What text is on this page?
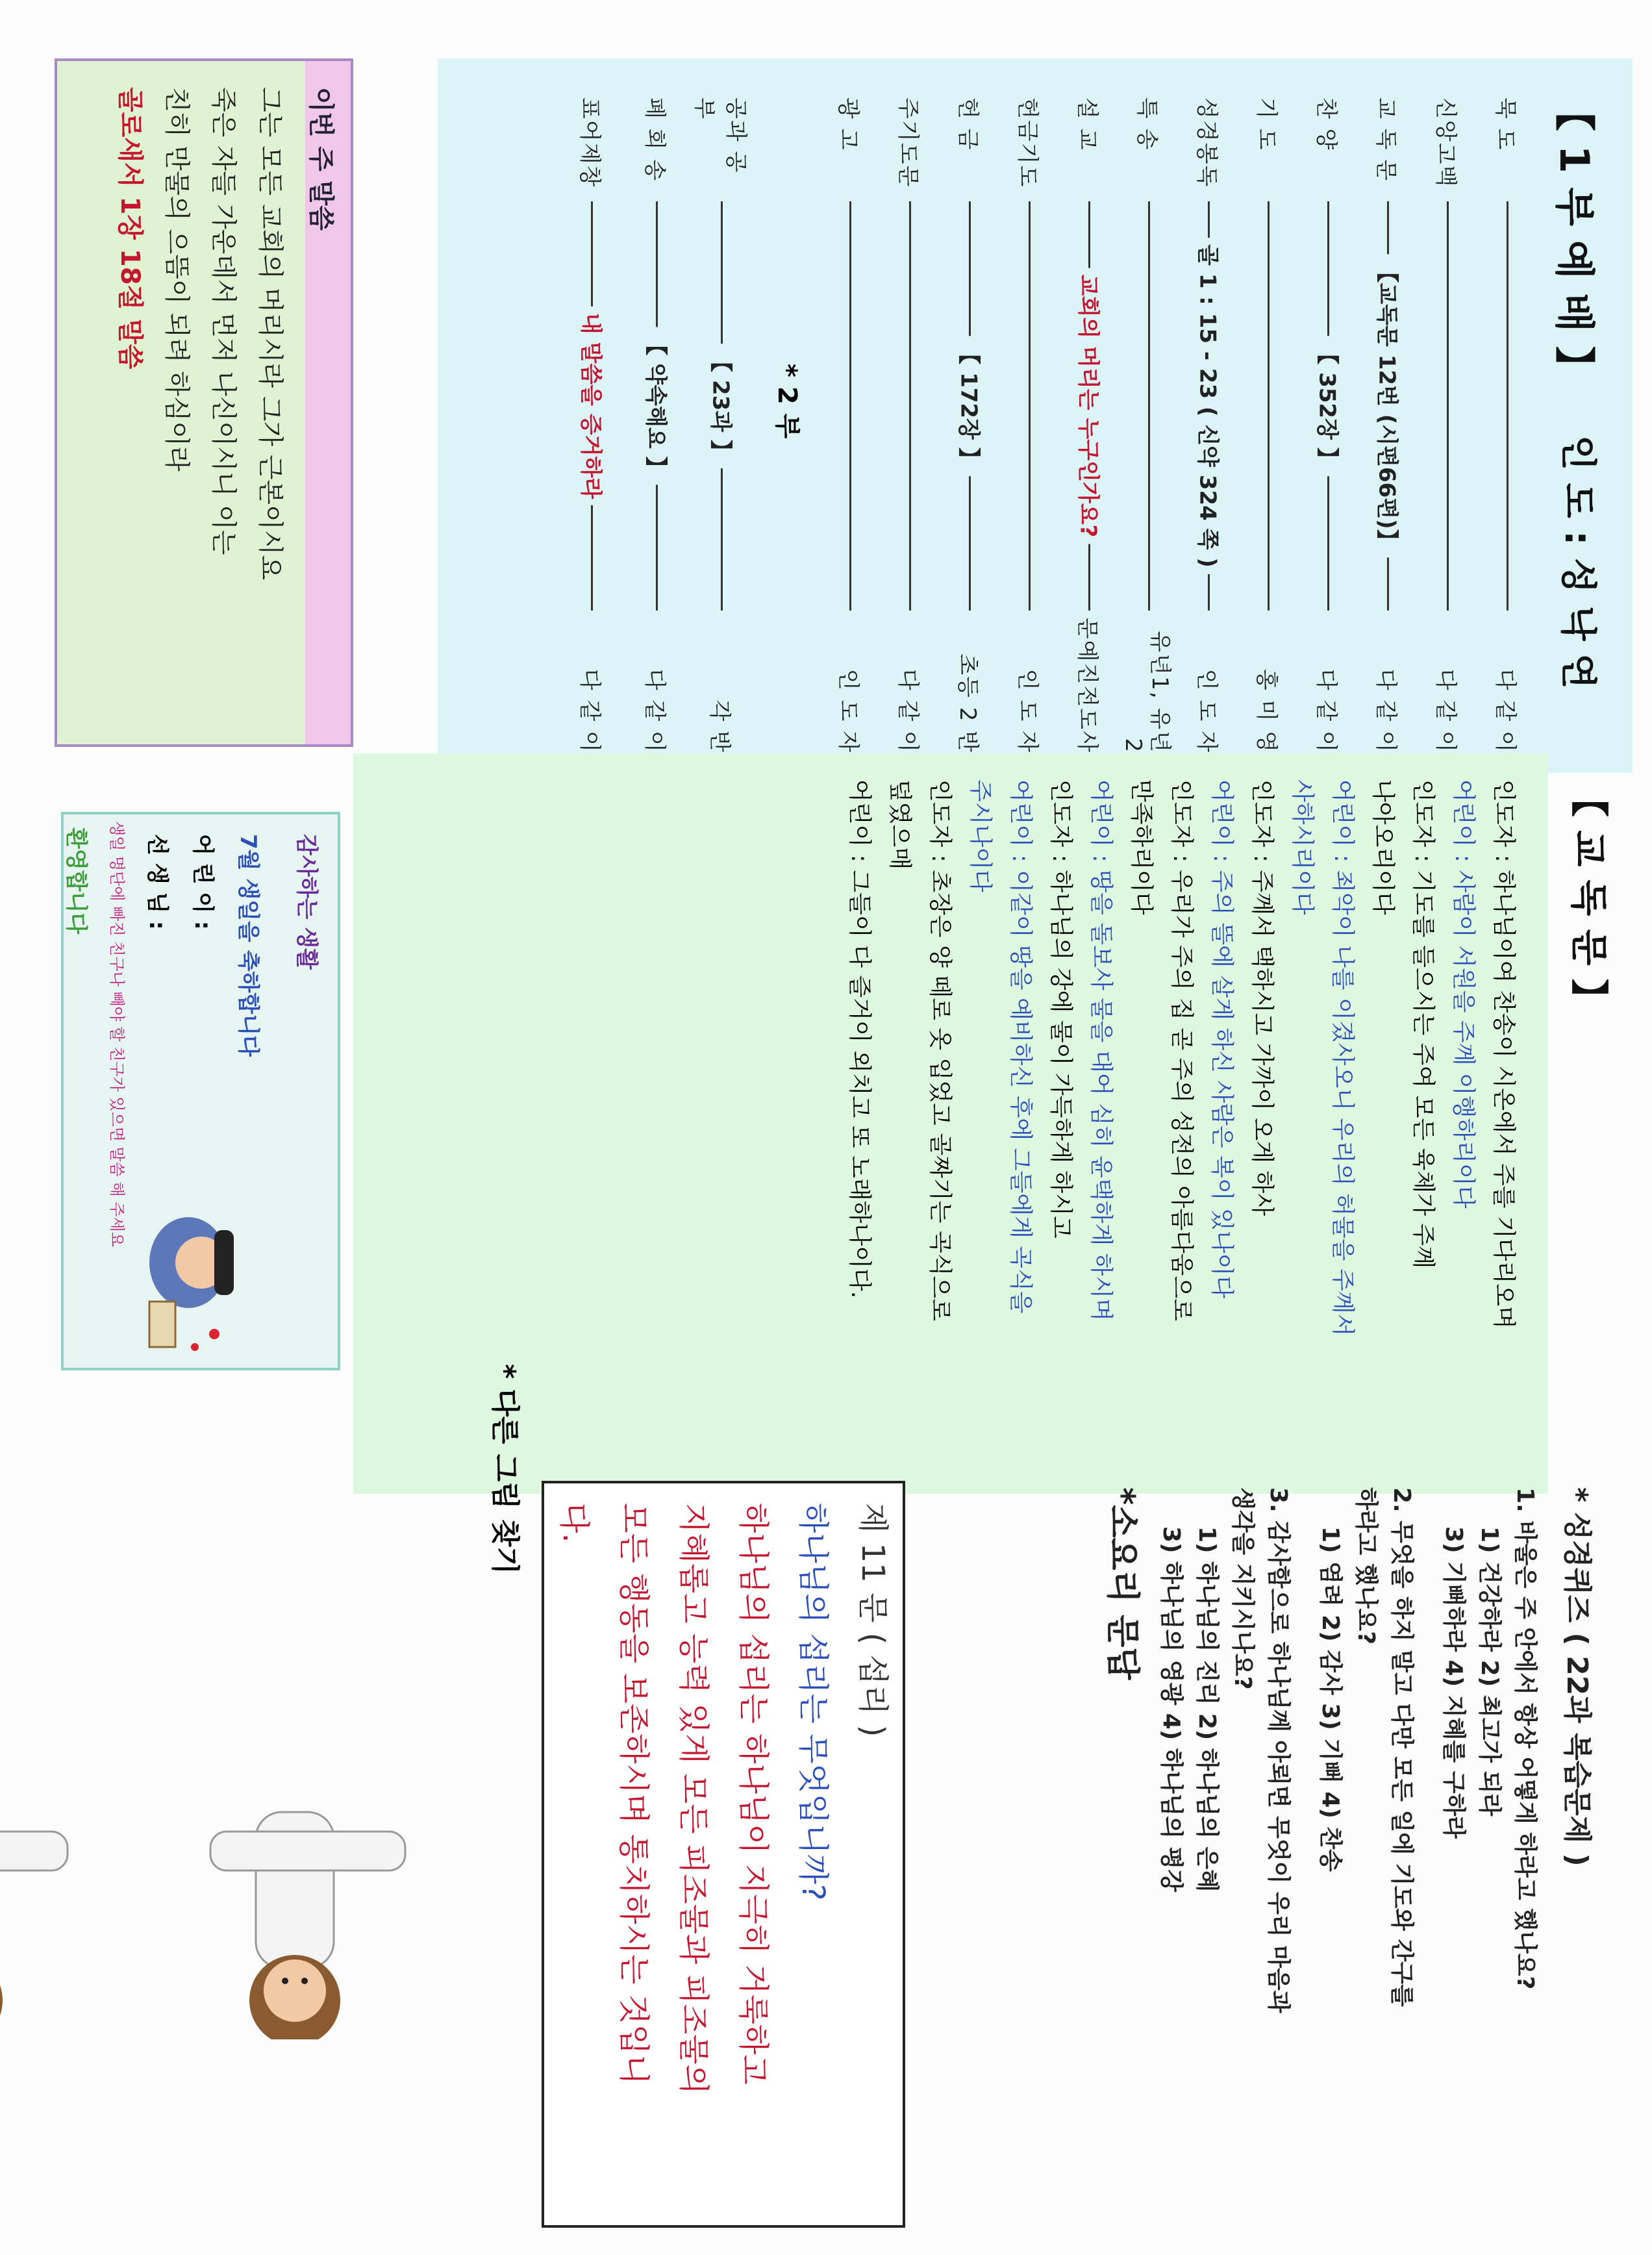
【 1 부 예 배 】
인 도 : 성 낙 연
묵 도
다 같 이
신앙고백
다 같 이
교 독 문
【교독문 12번 (시편66편)】
다 같 이
찬 양
【 352장 】
다 같 이
기 도
홍 미 영
성경봉독
골 1 : 15 - 23 ( 신약 324 쪽 )
인 도 자
특 송
유년1, 유년2
설 교
교회의 머리는 누구인가요?
문예진전도사
헌금기도
인 도 자
헌 금
【 172장 】
초등 2 반
주기도문
다 같 이
광 고
인 도 자
* 2 부
공과 공부
【 23과 】
각 반
폐 회 송
【 약속해요 】
다 같 이
표어제창
내 말씀을 증거하라
다 같 이
이번 주 말씀

그는 모든 교회의 머리시라 그가 근본이시요
죽은 자들 가운데서 먼저 나신이시니 이는
친히 만물의 으뜸이 되려 하심이라
골로새서 1장 18절 말씀

【 교 독 문 】
인도자 : 하나님이여 찬송이 시온에서 주를 기다리오며
어린이 : 사람이 서원을 주께 이행하리이다
인도자 : 기도를 들으시는 주여 모든 육체가 주께
나아오리이다
어린이 : 죄악이 나를 이겼사오니 우리의 허물을 주께서
사하시리이다
인도자 : 주께서 택하시고 가까이 오게 하사
어린이 : 주의 뜰에 살게 하신 사람은 복이 있나이다
인도자 : 우리가 주의 집 곧 주의 성전의 아름다움으로
만족하리이다
어린이 : 땅을 돌보사 물을 대어 심히 윤택하게 하시며
인도자 : 하나님의 강에 물이 가득하게 하시고
어린이 : 이같이 땅을 예비하신 후에 그들에게 곡식을
주시나이다
인도자 : 초장은 양 떼로 옷 입었고 골짜기는 곡식으로
덮였으매
어린이 : 그들이 다 즐거이 외치고 또 노래하나이다.
감사하는 생활
7월 생일을 축하합니다
어 린 이 :
선 생 님 :
생일 명단에 빠진 친구나 빼야 할 친구가 있으면 말씀 해 주세요
환영합니다
* 성경퀴즈 ( 22과 복습문제 )
1. 바울은 주 안에서 항상 어떻게 하라고 했나요?
1) 건강하라 2) 최고가 되라
3) 기뻐하라 4) 지혜를 구하라
2. 무엇을 하지 말고 다만 모든 일에 기도와 간구를
하라고 했나요?
1) 염려 2) 감사 3) 기뻐 4) 찬송
3. 감사함으로 하나님께 아뢰면 무엇이 우리 마음과
생각을 지키시나요?
1) 하나님의 진리 2) 하나님의 은혜
3) 하나님의 영광 4) 하나님의 평강
*소요리 문답
제 11 문 ( 섭리 )
하나님의 섭리는 무엇입니까?
하나님의 섭리는 하나님이 지극히 거룩하고
지혜롭고 능력 있게 모든 피조물과 피조물의
모든 행동을 보존하시며 통치하시는 것입니
다.
* 다른 그림 찾기
